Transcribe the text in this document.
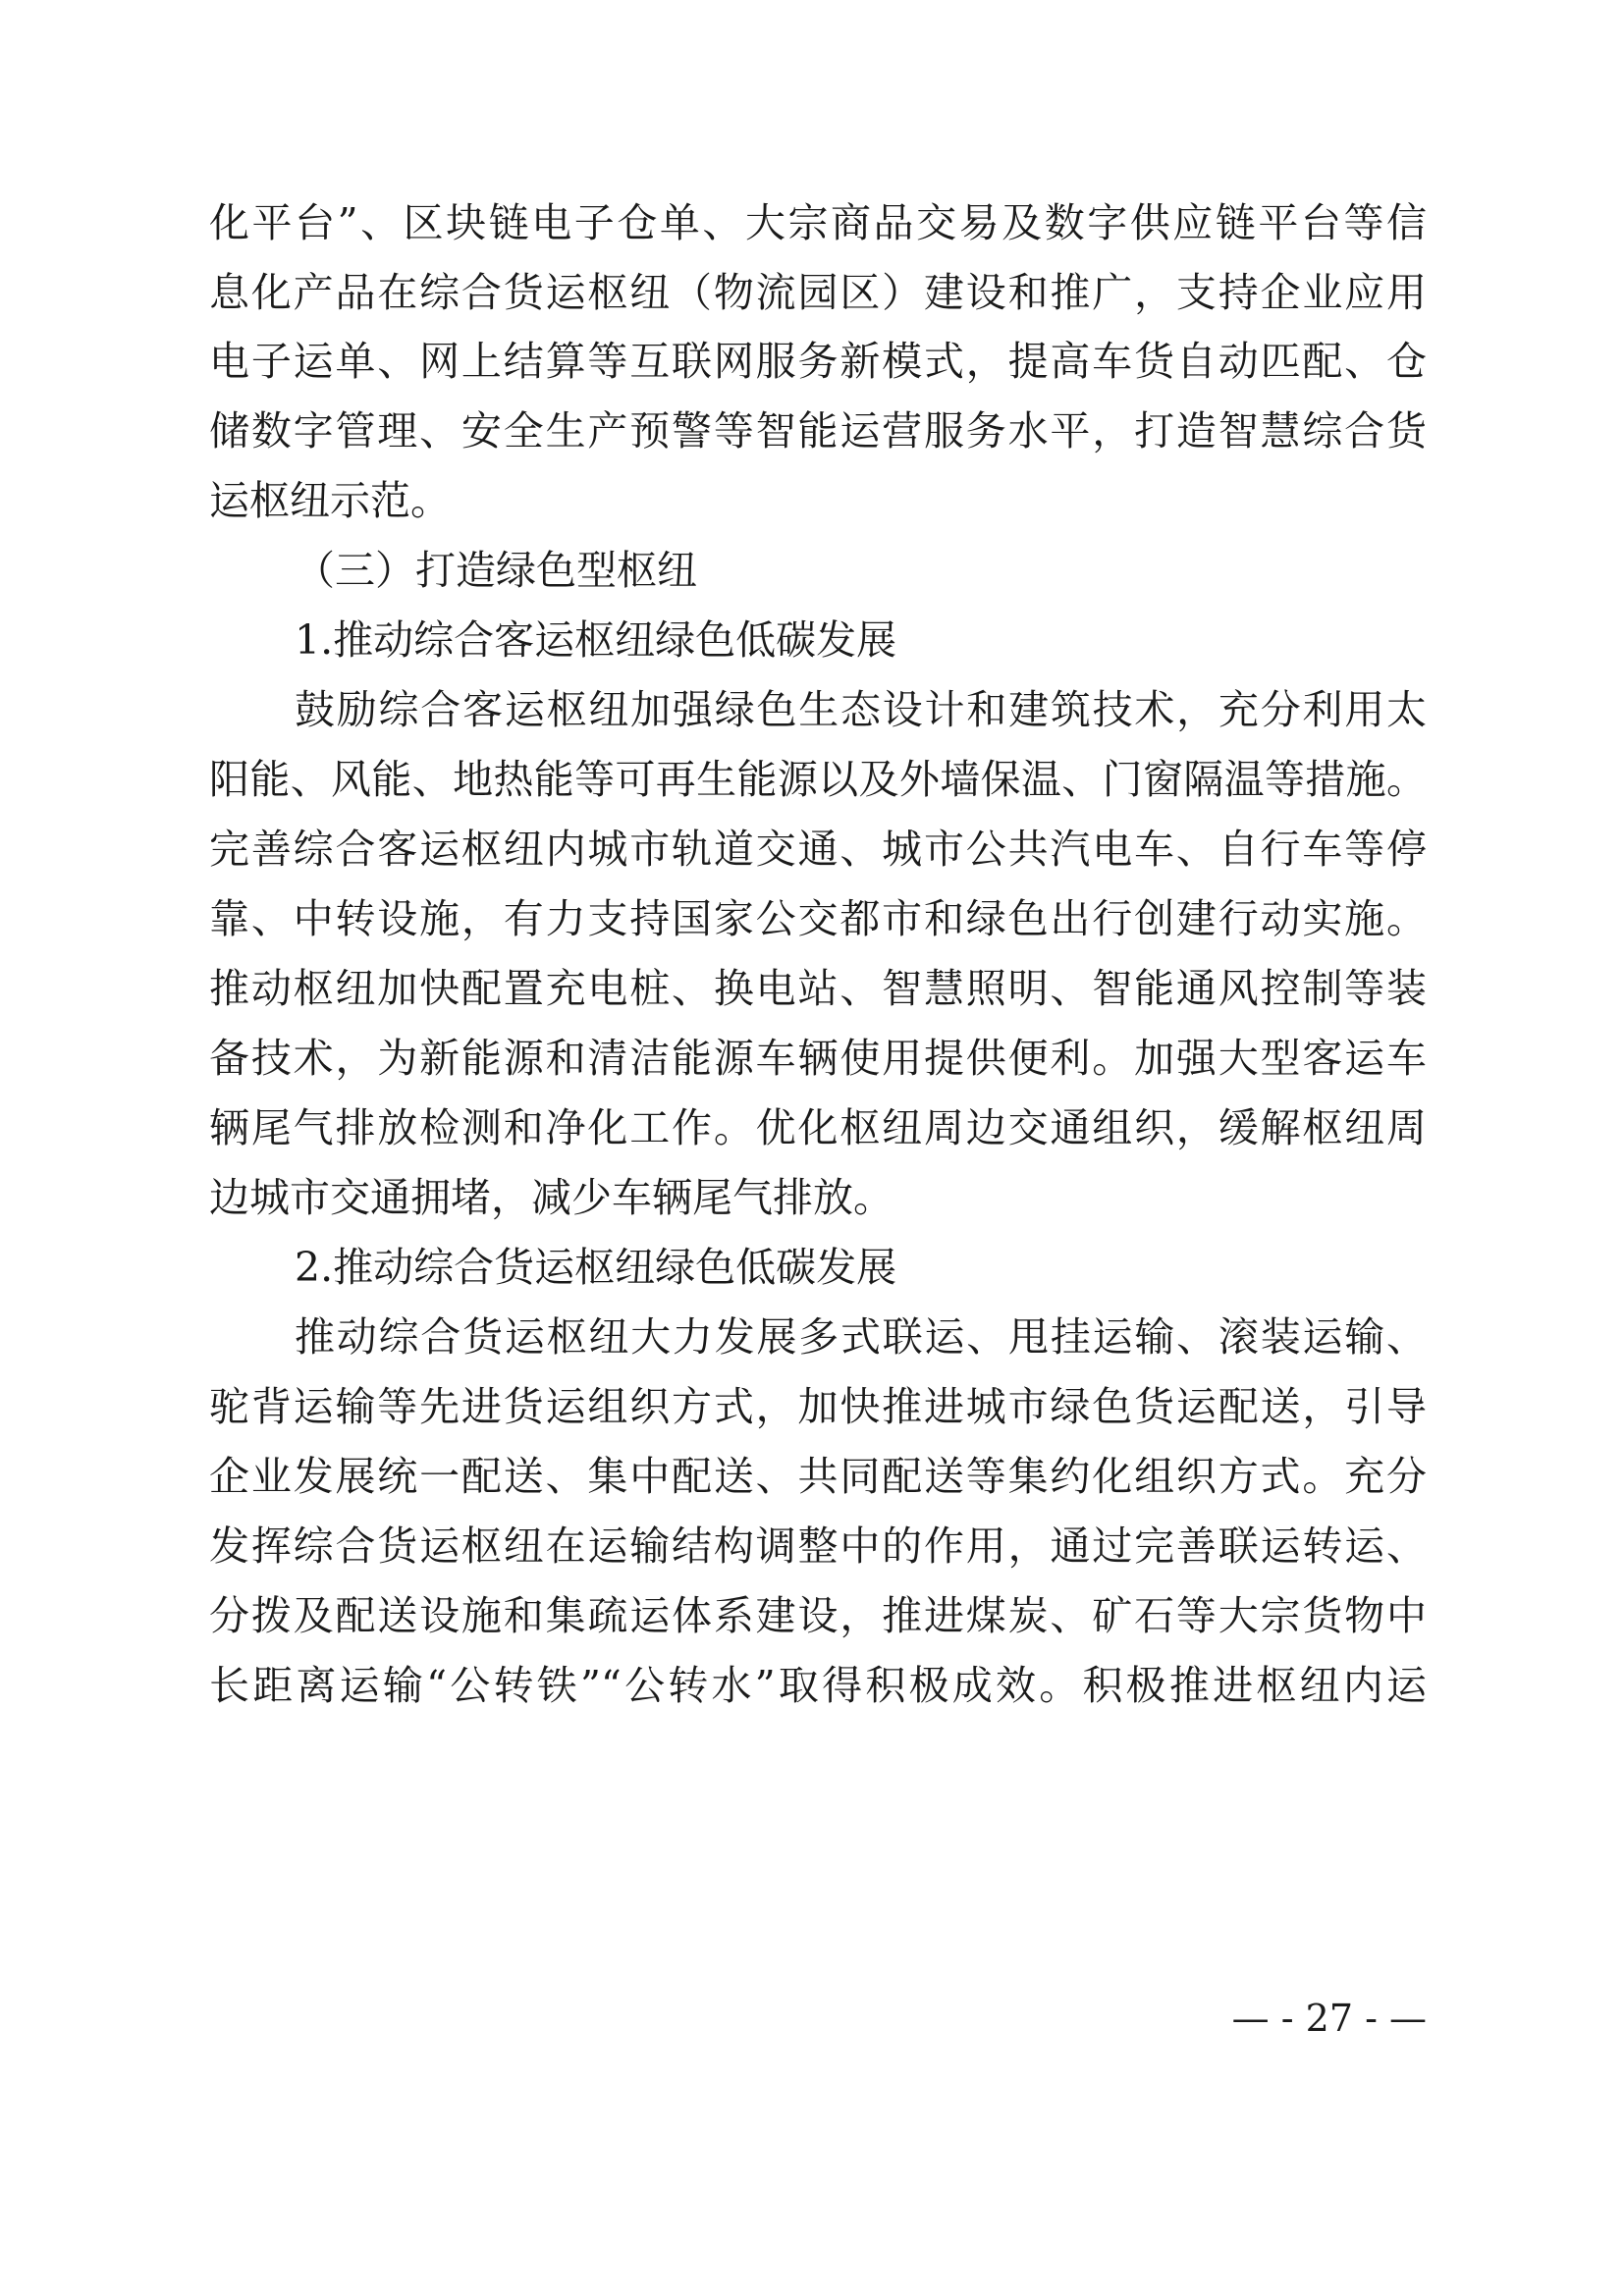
化平台”、区块链电子仓单、大宗商品交易及数字供应链平台等信
息化产品在综合货运枢纽（物流园区）建设和推广，支持企业应用
电子运单、网上结算等互联网服务新模式，提高车货自动匹配、仓
储数字管理、安全生产预警等智能运营服务水平，打造智慧综合货
运枢纽示范。
（三）打造绿色型枢纽
1.推动综合客运枢纽绿色低碳发展
鼓励综合客运枢纽加强绿色生态设计和建筑技术，充分利用太
阳能、风能、地热能等可再生能源以及外墙保温、门窗隔温等措施。
完善综合客运枢纽内城市轨道交通、城市公共汽电车、自行车等停
靠、中转设施，有力支持国家公交都市和绿色出行创建行动实施。
推动枢纽加快配置充电桩、换电站、智慧照明、智能通风控制等装
备技术，为新能源和清洁能源车辆使用提供便利。加强大型客运车
辆尾气排放检测和净化工作。优化枢纽周边交通组织，缓解枢纽周
边城市交通拥堵，减少车辆尾气排放。
2.推动综合货运枢纽绿色低碳发展
推动综合货运枢纽大力发展多式联运、甩挂运输、滚装运输、
驼背运输等先进货运组织方式，加快推进城市绿色货运配送，引导
企业发展统一配送、集中配送、共同配送等集约化组织方式。充分
发挥综合货运枢纽在运输结构调整中的作用，通过完善联运转运、
分拨及配送设施和集疏运体系建设，推进煤炭、矿石等大宗货物中
长距离运输“公转铁”“公转水”取得积极成效。积极推进枢纽内运
— - 27 - —
